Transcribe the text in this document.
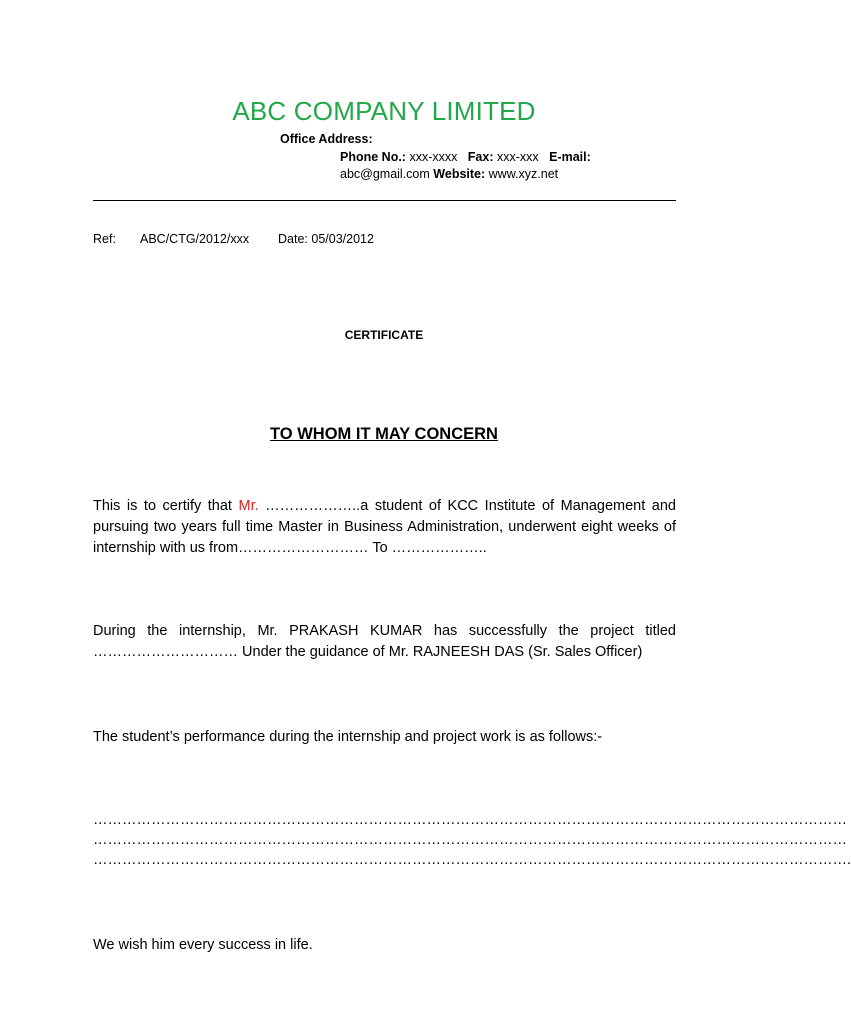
ABC COMPANY LIMITED
Office Address:
Phone No.: xxx-xxxx Fax: xxx-xxx E-mail:
abc@gmail.com Website: www.xyz.net
Ref: ABC/CTG/2012/xxx Date: 05/03/2012
CERTIFICATE
TO WHOM IT MAY CONCERN
This is to certify that Mr. ………………..a student of KCC Institute of Management and pursuing two years full time Master in Business Administration, underwent eight weeks of internship with us from……………………… To ………………..
During the internship, Mr. PRAKASH KUMAR has successfully the project titled ………………………… Under the guidance of Mr. RAJNEESH DAS (Sr. Sales Officer)
The student’s performance during the internship and project work is as follows:-
…………………………………………………………………………………………………………………………………………
…………………………………………………………………………………………………………………………………………
………………………………………………………………………………………………………………………………………….
We wish him every success in life.
